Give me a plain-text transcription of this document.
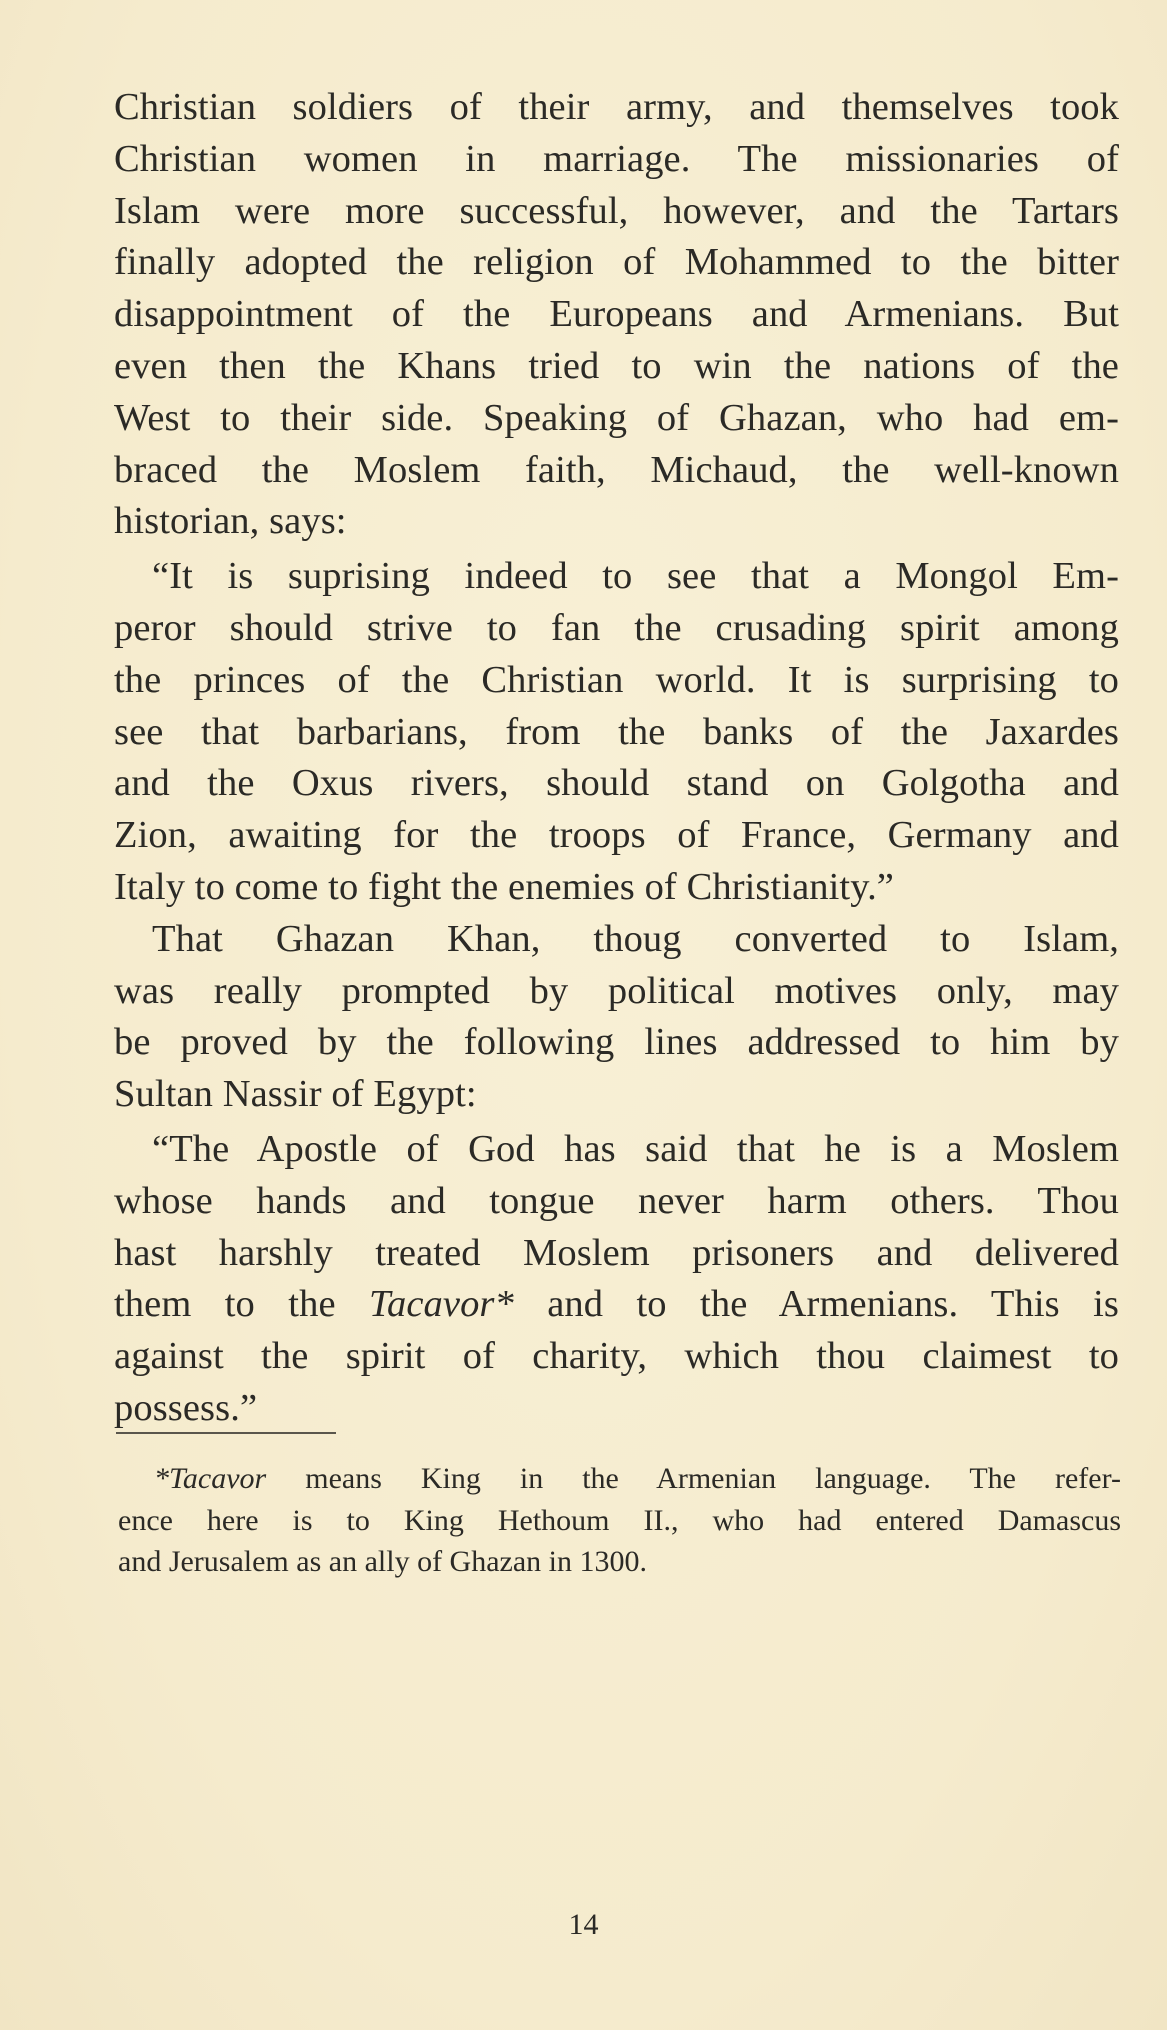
Christian soldiers of their army, and themselves took
Christian women in marriage. The missionaries of
Islam were more successful, however, and the Tartars
finally adopted the religion of Mohammed to the bitter
disappointment of the Europeans and Armenians. But
even then the Khans tried to win the nations of the
West to their side. Speaking of Ghazan, who had em-
braced the Moslem faith, Michaud, the well-known
historian, says:
“It is suprising indeed to see that a Mongol Em-
peror should strive to fan the crusading spirit among
the princes of the Christian world. It is surprising to
see that barbarians, from the banks of the Jaxardes
and the Oxus rivers, should stand on Golgotha and
Zion, awaiting for the troops of France, Germany and
Italy to come to fight the enemies of Christianity.”
That Ghazan Khan, thoug converted to Islam,
was really prompted by political motives only, may
be proved by the following lines addressed to him by
Sultan Nassir of Egypt:
“The Apostle of God has said that he is a Moslem
whose hands and tongue never harm others. Thou
hast harshly treated Moslem prisoners and delivered
them to the Tacavor* and to the Armenians. This is
against the spirit of charity, which thou claimest to
possess.”
*Tacavor means King in the Armenian language. The refer-
ence here is to King Hethoum II., who had entered Damascus
and Jerusalem as an ally of Ghazan in 1300.
14
